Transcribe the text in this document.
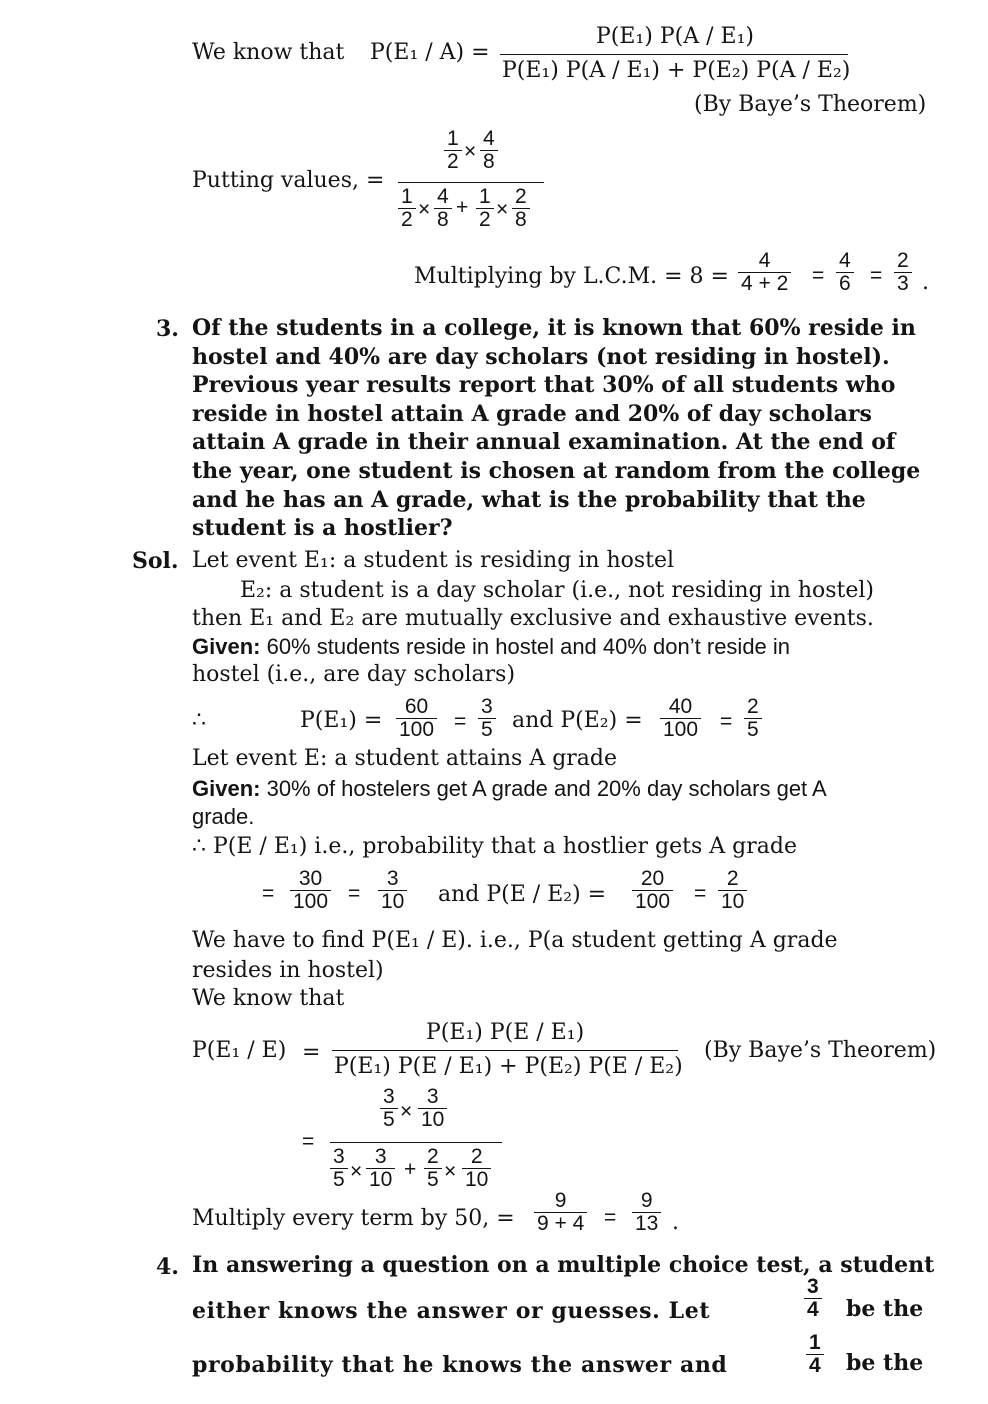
We know that P(E₁ / A) =
P(E₁) P(A / E₁)
P(E₁) P(A / E₁) + P(E₂) P(A / E₂)
(By Baye’s Theorem)
Putting values, =
$\frac{1}{2} \times \frac{4}{8}$
$\frac{1}{2} \times \frac{4}{8} + \frac{1}{2} \times \frac{2}{8}$
Multiplying by L.C.M. = $8 = \frac{4}{4 + 2} = \frac{4}{6} = \frac{2}{3}$ .
3. Of the students in a college, it is known that 60% reside in
hostel and 40% are day scholars (not residing in hostel).
Previous year results report that 30% of all students who
reside in hostel attain A grade and 20% of day scholars
attain A grade in their annual examination. At the end of
the year, one student is chosen at random from the college
and he has an A grade, what is the probability that the
student is a hostlier?
Sol. Let event E₁: a student is residing in hostel
E₂: a student is a day scholar (i.e., not residing in hostel)
then E₁ and E₂ are mutually exclusive and exhaustive events.
Given: 60% students reside in hostel and 40% don’t reside in
hostel (i.e., are day scholars)
∴	$P(E_1) = \frac{60}{100} = \frac{3}{5}$ and $P(E_2) = \frac{40}{100} = \frac{2}{5}$
Let event E: a student attains A grade
Given: 30% of hostelers get A grade and 20% day scholars get A
grade.
∴ P(E / E₁) i.e., probability that a hostlier gets A grade
= $\frac{30}{100} = \frac{3}{10}$ and $P(E / E_2) = \frac{20}{100} = \frac{2}{10}$
We have to find P(E₁ / E). i.e., P(a student getting A grade
resides in hostel)
We know that
P(E₁ / E) =
P(E₁) P(E / E₁)
P(E₁) P(E / E₁) + P(E₂) P(E / E₂)
(By Baye’s Theorem)
=
$\frac{3}{5} \times \frac{3}{10}$
$\frac{3}{5} \times \frac{3}{10} + \frac{2}{5} \times \frac{2}{10}$
Multiply every term by 50, = $\frac{9}{9 + 4} = \frac{9}{13}$ .
4. In answering a question on a multiple choice test, a student
either knows the answer or guesses. Let	$\frac{3}{4}$ be the
probability that he knows the answer and	$\frac{1}{4}$ be the
